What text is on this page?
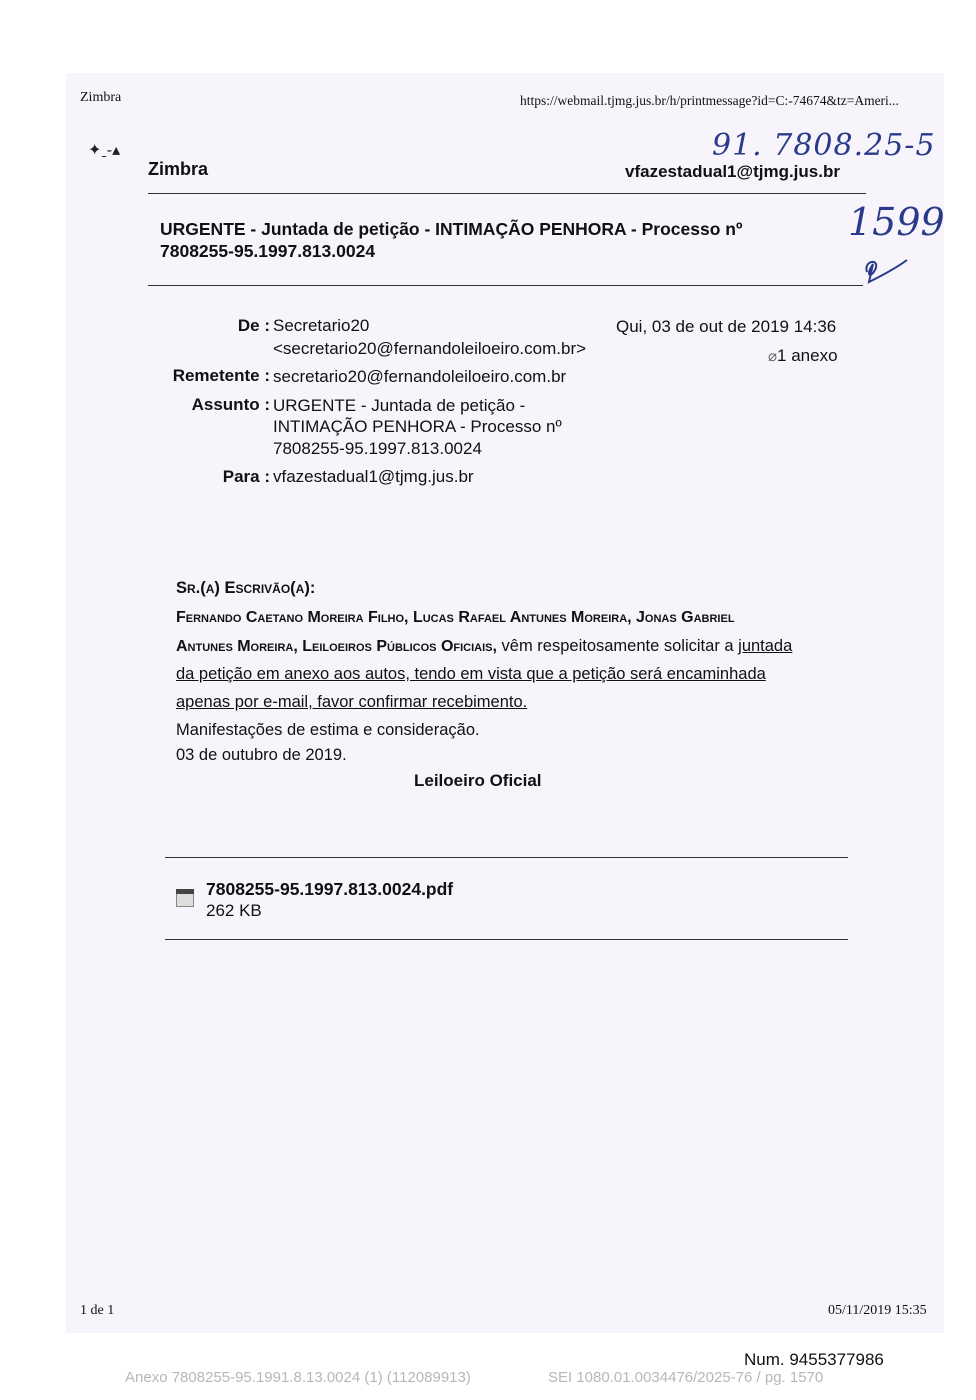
Zimbra	https://webmail.tjmg.jus.br/h/printmessage?id=C:-74674&tz=Ameri...
✦ˍ‐▴	91. 7808.25-5
1599
Zimbra	vfazestadual1@tjmg.jus.br
URGENTE - Juntada de petição - INTIMAÇÃO PENHORA - Processo nº
7808255-95.1997.813.0024
De : Secretario20
<secretario20@fernandoleiloeiro.com.br>
Qui, 03 de out de 2019 14:36
⌀1 anexo
Remetente : secretario20@fernandoleiloeiro.com.br
Assunto : URGENTE - Juntada de petição -
INTIMAÇÃO PENHORA - Processo nº
7808255-95.1997.813.0024
Para : vfazestadual1@tjmg.jus.br
Sr.(a) Escrivão(a):
Fernando Caetano Moreira Filho, Lucas Rafael Antunes Moreira, Jonas Gabriel
Antunes Moreira, Leiloeiros Públicos Oficiais, vêm respeitosamente solicitar a juntada
da petição em anexo aos autos, tendo em vista que a petição será encaminhada
apenas por e-mail, favor confirmar recebimento.
Manifestações de estima e consideração.
03 de outubro de 2019.
Leiloeiro Oficial
7808255-95.1997.813.0024.pdf
262 KB
1 de 1	05/11/2019 15:35
Num. 9455377986
Anexo 7808255-95.1991.8.13.0024 (1) (112089913)	SEI 1080.01.0034476/2025-76 / pg. 1570
